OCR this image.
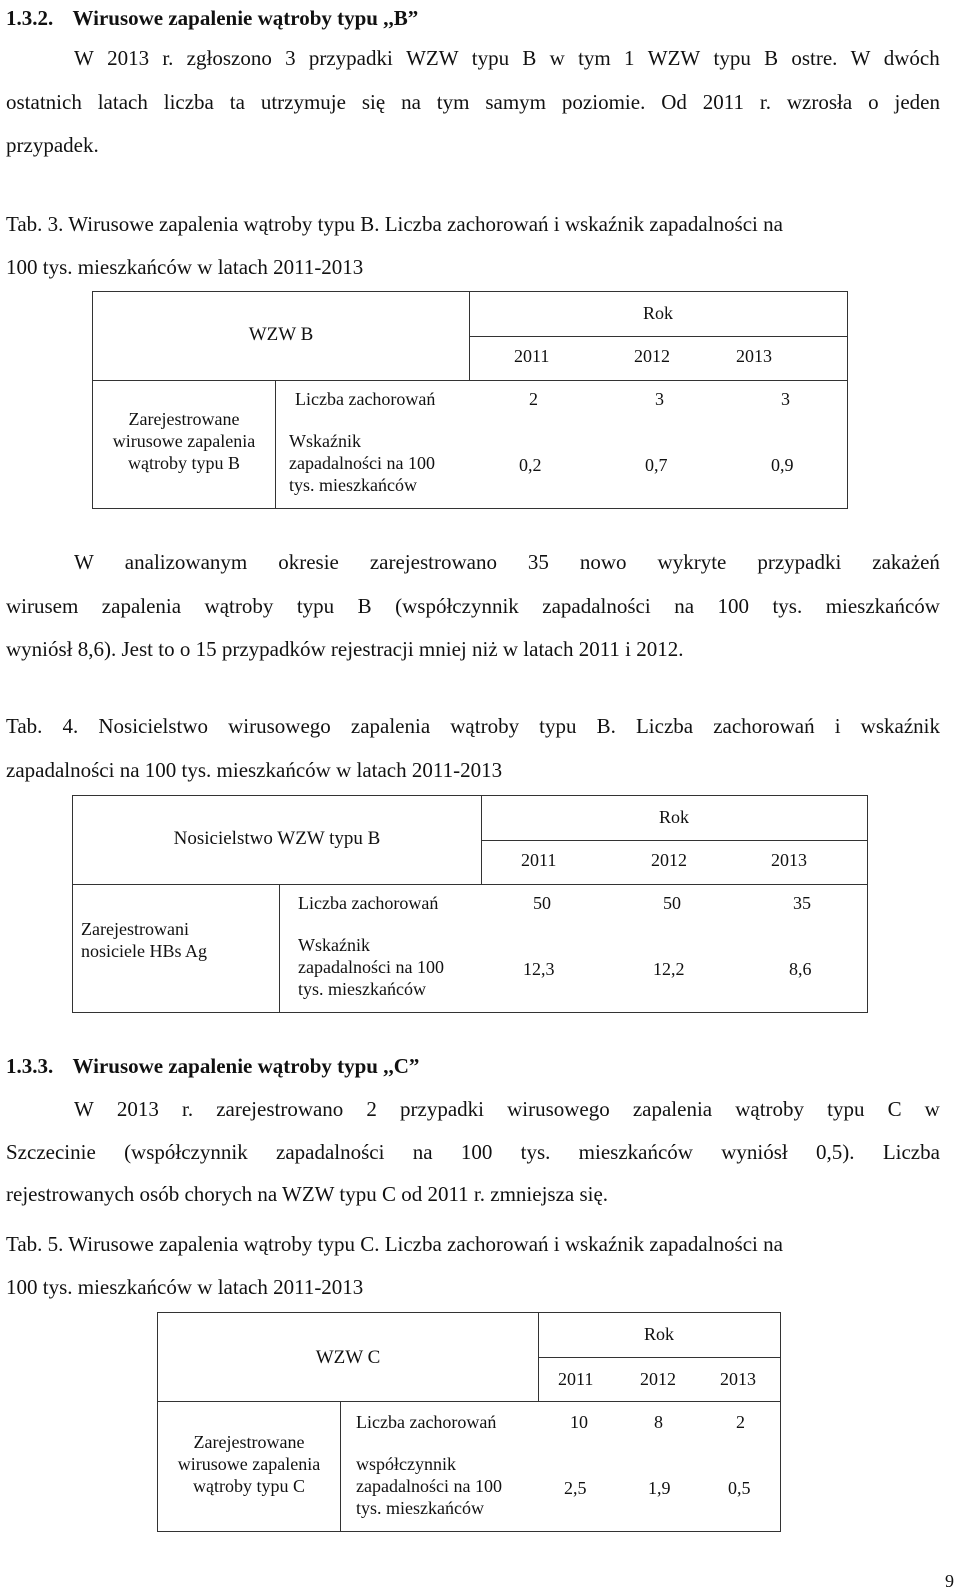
1.3.2. Wirusowe zapalenie wątroby typu ,,B”
W 2013 r. zgłoszono 3 przypadki WZW typu B w tym 1 WZW typu B ostre. W dwóch
ostatnich latach liczba ta utrzymuje się na tym samym poziomie. Od 2011 r. wzrosła o jeden
przypadek.
Tab. 3. Wirusowe zapalenia wątroby typu B. Liczba zachorowań i wskaźnik zapadalności na
100 tys. mieszkańców w latach 2011-2013
WZW B
Rok
2011	2012	2013
Zarejestrowane
wirusowe zapalenia
wątroby typu B
Liczba zachorowań	2	3	3
Wskaźnik
zapadalności na 100
tys. mieszkańców
0,2	0,7	0,9
W analizowanym okresie zarejestrowano 35 nowo wykryte przypadki zakażeń
wirusem zapalenia wątroby typu B (współczynnik zapadalności na 100 tys. mieszkańców
wyniósł 8,6). Jest to o 15 przypadków rejestracji mniej niż w latach 2011 i 2012.
Tab. 4. Nosicielstwo wirusowego zapalenia wątroby typu B. Liczba zachorowań i wskaźnik
zapadalności na 100 tys. mieszkańców w latach 2011-2013
Nosicielstwo WZW typu B
Rok
2011	2012	2013
Zarejestrowani
nosiciele HBs Ag
Liczba zachorowań	50	50	35
Wskaźnik
zapadalności na 100
tys. mieszkańców
12,3	12,2	8,6
1.3.3. Wirusowe zapalenie wątroby typu ,,C”
W 2013 r. zarejestrowano 2 przypadki wirusowego zapalenia wątroby typu C w
Szczecinie (współczynnik zapadalności na 100 tys. mieszkańców wyniósł 0,5). Liczba
rejestrowanych osób chorych na WZW typu C od 2011 r. zmniejsza się.
Tab. 5. Wirusowe zapalenia wątroby typu C. Liczba zachorowań i wskaźnik zapadalności na
100 tys. mieszkańców w latach 2011-2013
WZW C
Rok
2011	2012 2013
Zarejestrowane
wirusowe zapalenia
wątroby typu C
Liczba zachorowań	10	8	2
współczynnik
zapadalności na 100
tys. mieszkańców
2,5	1,9	0,5
9
